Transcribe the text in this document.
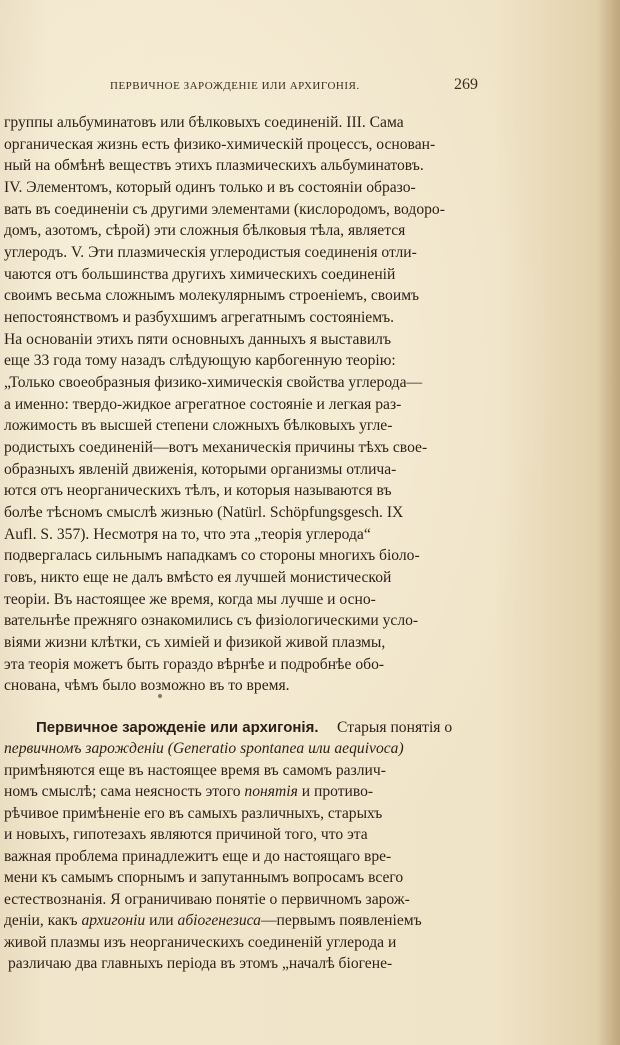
ПЕРВИЧНОЕ ЗАРОЖДЕНІЕ ИЛИ АРХИГОНІЯ.	269
группы альбуминатовъ или бѣлковыхъ соединеній. III. Сама
органическая жизнь есть физико-химическій процессъ, основан-
ный на обмѣнѣ веществъ этихъ плазмическихъ альбуминатовъ.
IV. Элементомъ, который одинъ только и въ состояніи образо-
вать въ соединеніи съ другими элементами (кислородомъ, водоро-
домъ, азотомъ, сѣрой) эти сложныя бѣлковыя тѣла, является
углеродъ. V. Эти плазмическія углеродистыя соединенія отли-
чаются отъ большинства другихъ химическихъ соединеній
своимъ весьма сложнымъ молекулярнымъ строеніемъ, своимъ
непостоянствомъ и разбухшимъ агрегатнымъ состояніемъ.
На основаніи этихъ пяти основныхъ данныхъ я выставилъ
еще 33 года тому назадъ слѣдующую карбогенную теорію:
„Только своеобразныя физико-химическія свойства углерода—
а именно: твердо-жидкое агрегатное состояніе и легкая раз-
ложимость въ высшей степени сложныхъ бѣлковыхъ угле-
родистыхъ соединеній—вотъ механическія причины тѣхъ свое-
образныхъ явленій движенія, которыми организмы отлича-
ются отъ неорганическихъ тѣлъ, и которыя называются въ
болѣе тѣсномъ смыслѣ жизнью (Natürl. Schöpfungsgesch. IX
Aufl. S. 357). Несмотря на то, что эта „теорія углерода“
подвергалась сильнымъ нападкамъ со стороны многихъ біоло-
говъ, никто еще не далъ вмѣсто ея лучшей монистической
теоріи. Въ настоящее же время, когда мы лучше и осно-
вательнѣе прежняго ознакомились съ физіологическими усло-
віями жизни клѣтки, съ химіей и физикой живой плазмы,
эта теорія можетъ быть гораздо вѣрнѣе и подробнѣе обо-
снована, чѣмъ было возможно въ то время.
Первичное зарожденіе или архигонія. Старыя понятія о
первичномъ зарожденіи (Generatio spontanea или aequivoca)
примѣняются еще въ настоящее время въ самомъ различ-
номъ смыслѣ; сама неясность этого понятія и противо-
рѣчивое примѣненіе его въ самыхъ различныхъ, старыхъ
и новыхъ, гипотезахъ являются причиной того, что эта
важная проблема принадлежитъ еще и до настоящаго вре-
мени къ самымъ спорнымъ и запутаннымъ вопросамъ всего
естествознанія. Я ограничиваю понятіе о первичномъ зарож-
деніи, какъ архигоніи или абіогенезиса—первымъ появленіемъ
живой плазмы изъ неорганическихъ соединеній углерода и
различаю два главныхъ періода въ этомъ „началѣ біогене-
